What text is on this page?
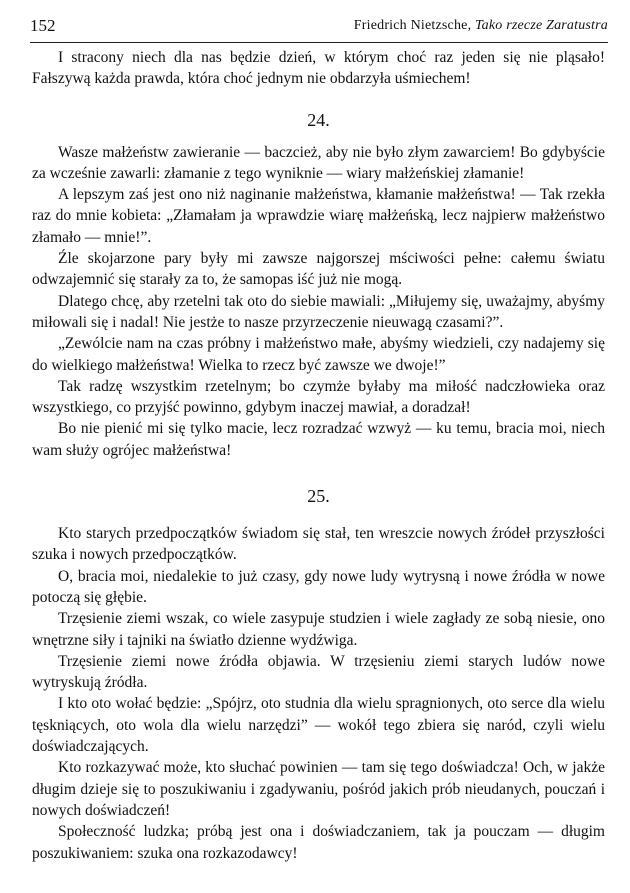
152	Friedrich Nietzsche, Tako rzecze Zaratustra

I stracony niech dla nas będzie dzień, w którym choć raz jeden się nie pląsało! Fałszywą każda prawda, która choć jednym nie obdarzyła uśmiechem!

24.

Wasze małżeństw zawieranie — baczcież, aby nie było złym zawarciem! Bo gdybyście za wcześnie zawarli: złamanie z tego wyniknie — wiary małżeńskiej złamanie!

A lepszym zaś jest ono niż naginanie małżeństwa, kłamanie małżeństwa! — Tak rzekła raz do mnie kobieta: „Złamałam ja wprawdzie wiarę małżeńską, lecz najpierw małżeństwo złamało — mnie!”.

Źle skojarzone pary były mi zawsze najgorszej mściwości pełne: całemu światu odwzajemnić się starały za to, że samopas iść już nie mogą.

Dlatego chcę, aby rzetelni tak oto do siebie mawiali: „Miłujemy się, uważajmy, abyśmy miłowali się i nadal! Nie jestże to nasze przyrzeczenie nieuwagą czasami?”.

„Zewólcie nam na czas próbny i małżeństwo małe, abyśmy wiedzieli, czy nadajemy się do wielkiego małżeństwa! Wielka to rzecz być zawsze we dwoje!”

Tak radzę wszystkim rzetelnym; bo czymże byłaby ma miłość nadczłowieka oraz wszystkiego, co przyjść powinno, gdybym inaczej mawiał, a doradzał!

Bo nie pienić mi się tylko macie, lecz rozradzać wzwyż — ku temu, bracia moi, niech wam służy ogrójec małżeństwa!

25.

Kto starych przedpoczątków świadom się stał, ten wreszcie nowych źródeł przyszłości szuka i nowych przedpoczątków.

O, bracia moi, niedalekie to już czasy, gdy nowe ludy wytrysną i nowe źródła w nowe potoczą się głębie.

Trzęsienie ziemi wszak, co wiele zasypuje studzien i wiele zagłady ze sobą niesie, ono wnętrzne siły i tajniki na światło dzienne wydźwiga.

Trzęsienie ziemi nowe źródła objawia. W trzęsieniu ziemi starych ludów nowe wytryskują źródła.

I kto oto wołać będzie: „Spójrz, oto studnia dla wielu spragnionych, oto serce dla wielu tęskniących, oto wola dla wielu narzędzi” — wokół tego zbiera się naród, czyli wielu doświadczających.

Kto rozkazywać może, kto słuchać powinien — tam się tego doświadcza! Och, w jakże długim dzieje się to poszukiwaniu i zgadywaniu, pośród jakich prób nieudanych, pouczań i nowych doświadczeń!

Społeczność ludzka; próbą jest ona i doświadczaniem, tak ja pouczam — długim poszukiwaniem: szuka ona rozkazodawcy!
